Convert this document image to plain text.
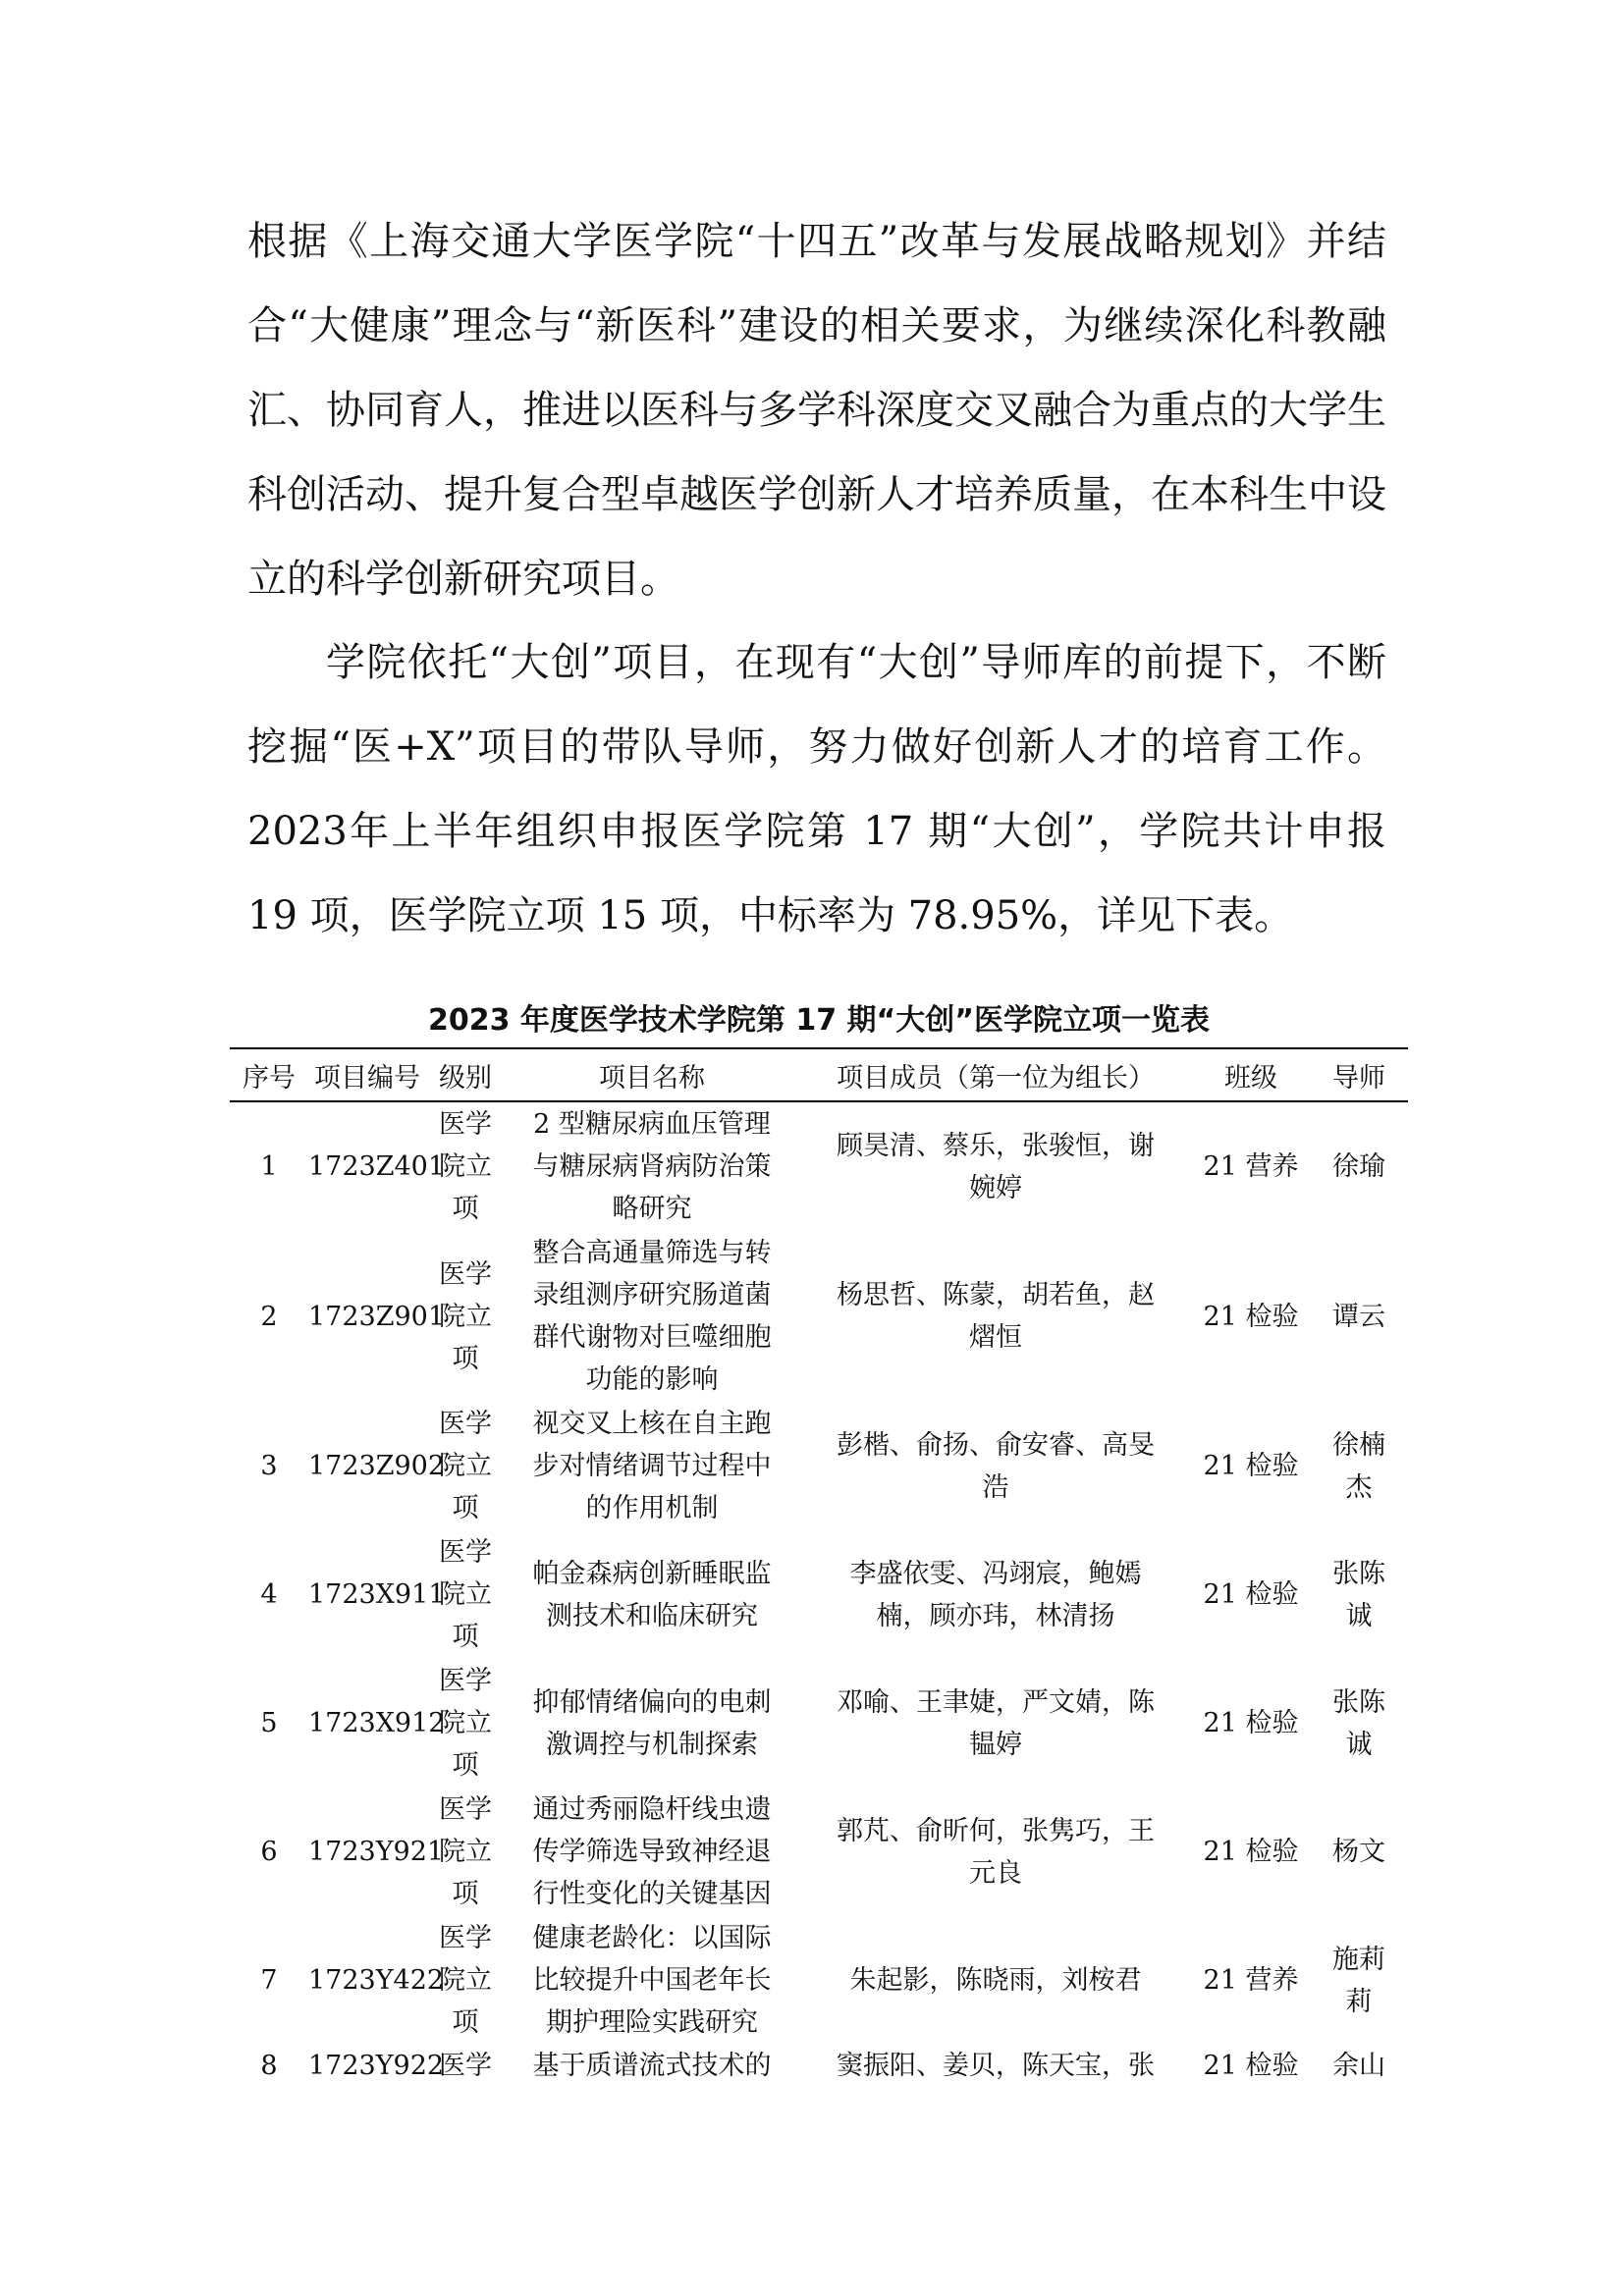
根据《上海交通大学医学院“十四五”改革与发展战略规划》并结合“大健康”理念与“新医科”建设的相关要求，为继续深化科教融汇、协同育人，推进以医科与多学科深度交叉融合为重点的大学生科创活动、提升复合型卓越医学创新人才培养质量，在本科生中设立的科学创新研究项目。

学院依托“大创”项目，在现有“大创”导师库的前提下，不断挖掘“医+X”项目的带队导师，努力做好创新人才的培育工作。2023年上半年组织申报医学院第 17 期“大创”，学院共计申报 19 项，医学院立项 15 项，中标率为 78.95%，详见下表。

2023 年度医学技术学院第 17 期“大创”医学院立项一览表
序号	项目编号	级别	项目名称	项目成员（第一位为组长）	班级	导师
1	1723Z401	医学院立项	2 型糖尿病血压管理与糖尿病肾病防治策略研究	顾昊清、蔡乐，张骏恒，谢婉婷	21 营养	徐瑜
2	1723Z901	医学院立项	整合高通量筛选与转录组测序研究肠道菌群代谢物对巨噬细胞功能的影响	杨思哲、陈蒙，胡若鱼，赵熠恒	21 检验	谭云
3	1723Z902	医学院立项	视交叉上核在自主跑步对情绪调节过程中的作用机制	彭楷、俞扬、俞安睿、高旻浩	21 检验	徐楠杰
4	1723X911	医学院立项	帕金森病创新睡眠监测技术和临床研究	李盛依雯、冯翊宸，鲍嫣楠，顾亦玮，林清扬	21 检验	张陈诚
5	1723X912	医学院立项	抑郁情绪偏向的电刺激调控与机制探索	邓喻、王聿婕，严文婧，陈韫婷	21 检验	张陈诚
6	1723Y921	医学院立项	通过秀丽隐杆线虫遗传学筛选导致神经退行性变化的关键基因	郭芃、俞昕何，张隽巧，王元良	21 检验	杨文
7	1723Y422	医学院立项	健康老龄化：以国际比较提升中国老年长期护理险实践研究	朱起影，陈晓雨，刘桉君	21 营养	施莉莉
8	1723Y922	医学	基于质谱流式技术的	窦振阳、姜贝，陈天宝，张	21 检验	余山
